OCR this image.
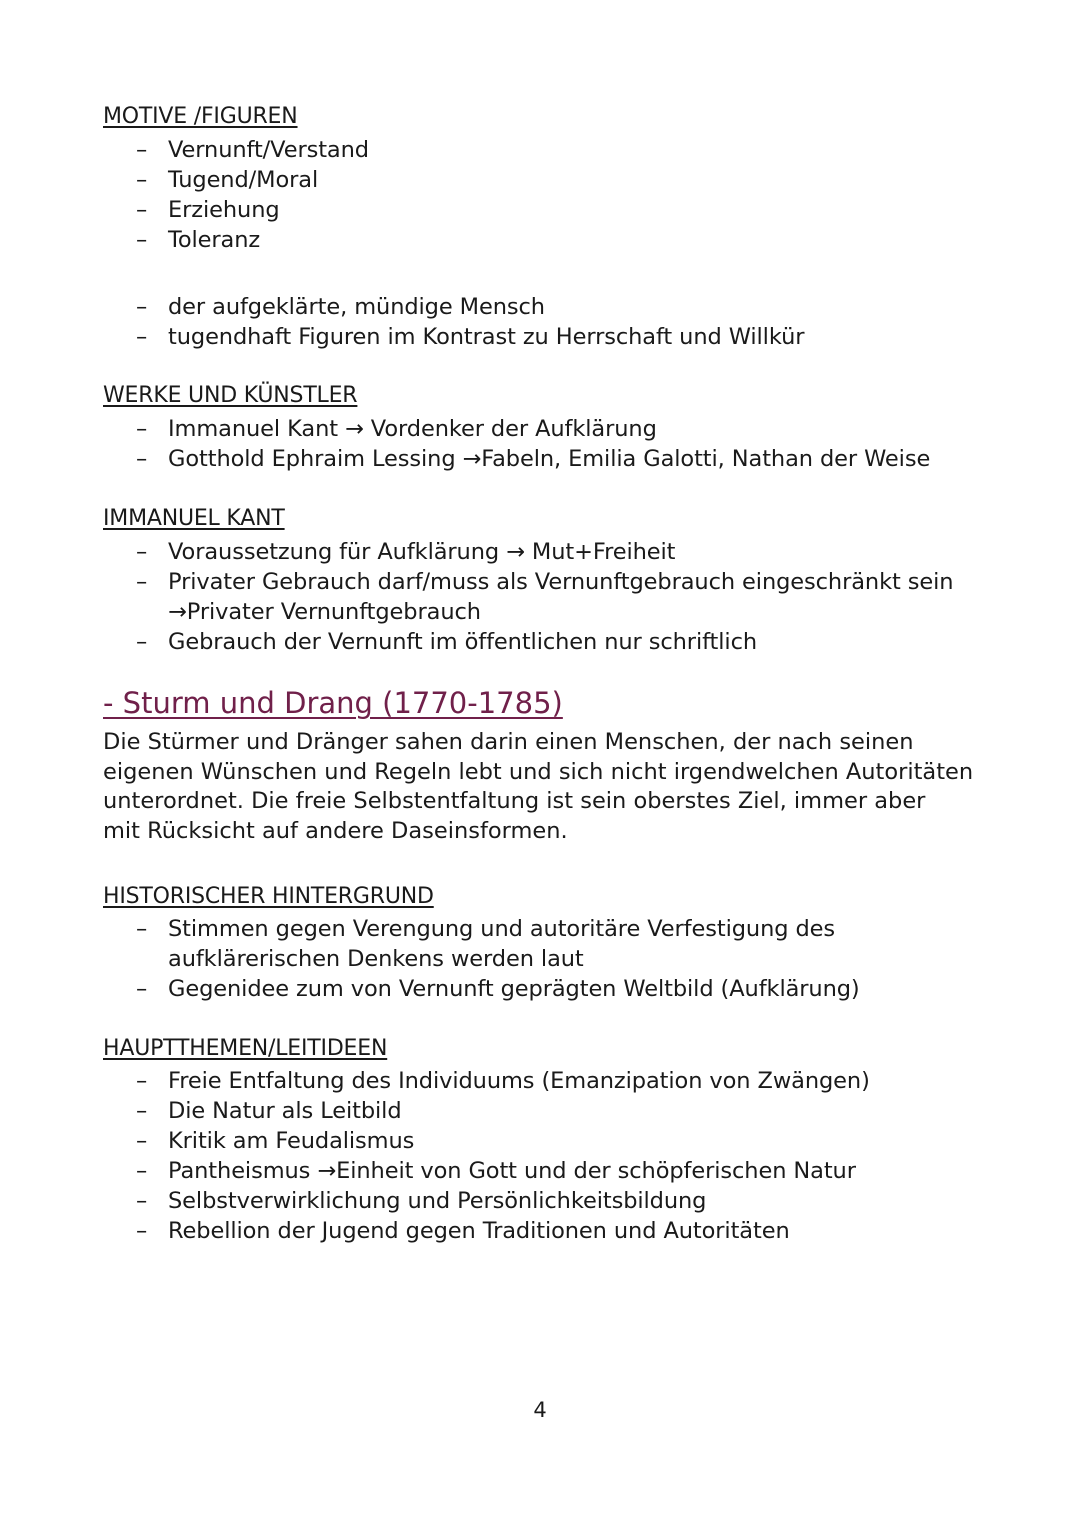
MOTIVE /FIGUREN
– Vernunft/Verstand
– Tugend/Moral
– Erziehung
– Toleranz
– der aufgeklärte, mündige Mensch
– tugendhaft Figuren im Kontrast zu Herrschaft und Willkür
WERKE UND KÜNSTLER
– Immanuel Kant → Vordenker der Aufklärung
– Gotthold Ephraim Lessing →Fabeln, Emilia Galotti, Nathan der Weise
IMMANUEL KANT
– Voraussetzung für Aufklärung → Mut+Freiheit
– Privater Gebrauch darf/muss als Vernunftgebrauch eingeschränkt sein
→Privater Vernunftgebrauch
– Gebrauch der Vernunft im öffentlichen nur schriftlich
- Sturm und Drang (1770-1785)
Die Stürmer und Dränger sahen darin einen Menschen, der nach seinen
eigenen Wünschen und Regeln lebt und sich nicht irgendwelchen Autoritäten
unterordnet. Die freie Selbstentfaltung ist sein oberstes Ziel, immer aber
mit Rücksicht auf andere Daseinsformen.
HISTORISCHER HINTERGRUND
– Stimmen gegen Verengung und autoritäre Verfestigung des
aufklärerischen Denkens werden laut
– Gegenidee zum von Vernunft geprägten Weltbild (Aufklärung)
HAUPTTHEMEN/LEITIDEEN
– Freie Entfaltung des Individuums (Emanzipation von Zwängen)
– Die Natur als Leitbild
– Kritik am Feudalismus
– Pantheismus →Einheit von Gott und der schöpferischen Natur
– Selbstverwirklichung und Persönlichkeitsbildung
– Rebellion der Jugend gegen Traditionen und Autoritäten
4
